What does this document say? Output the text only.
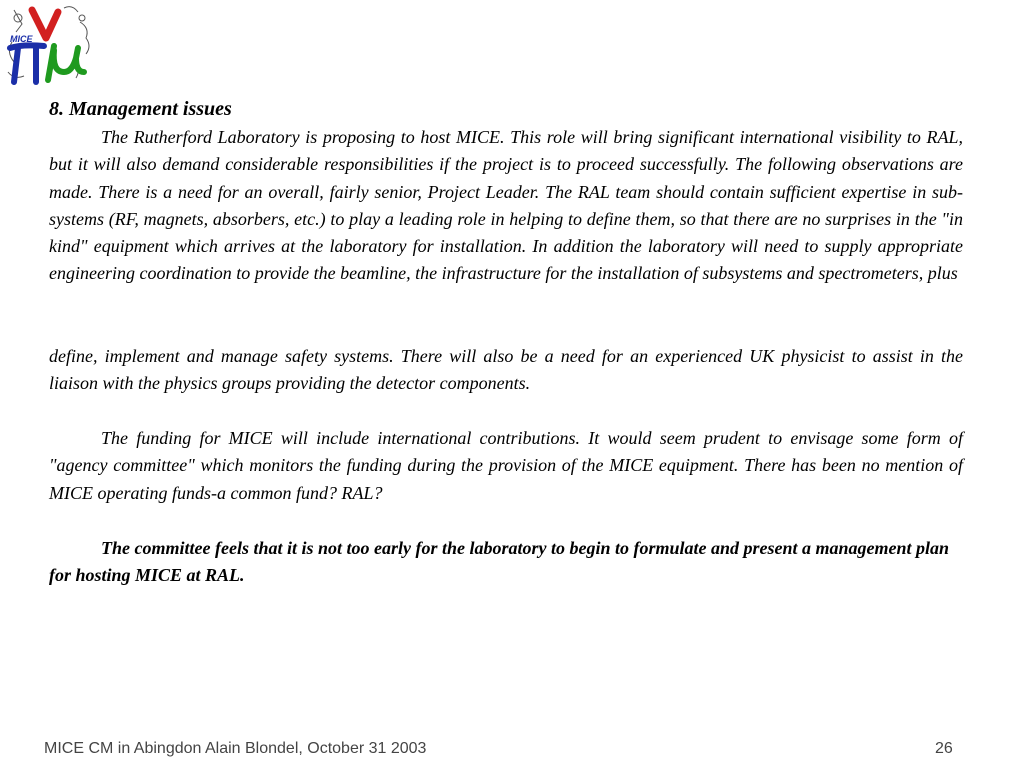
MICE
8. Management issues

The Rutherford Laboratory is proposing to host MICE. This role will bring significant international visibility to RAL, but it will also demand considerable responsibilities if the project is to proceed successfully. The following observations are made. There is a need for an overall, fairly senior, Project Leader. The RAL team should contain sufficient expertise in sub-systems (RF, magnets, absorbers, etc.) to play a leading role in helping to define them, so that there are no surprises in the "in kind" equipment which arrives at the laboratory for installation. In addition the laboratory will need to supply appropriate engineering coordination to provide the beamline, the infrastructure for the installation of subsystems and spectrometers, plus

define, implement and manage safety systems. There will also be a need for an experienced UK physicist to assist in the liaison with the physics groups providing the detector components.

The funding for MICE will include international contributions. It would seem prudent to envisage some form of "agency committee" which monitors the funding during the provision of the MICE equipment. There has been no mention of MICE operating funds-a common fund? RAL?

The committee feels that it is not too early for the laboratory to begin to formulate and present a management plan for hosting MICE at RAL.

MICE CM in Abingdon Alain Blondel, October 31 2003	26
